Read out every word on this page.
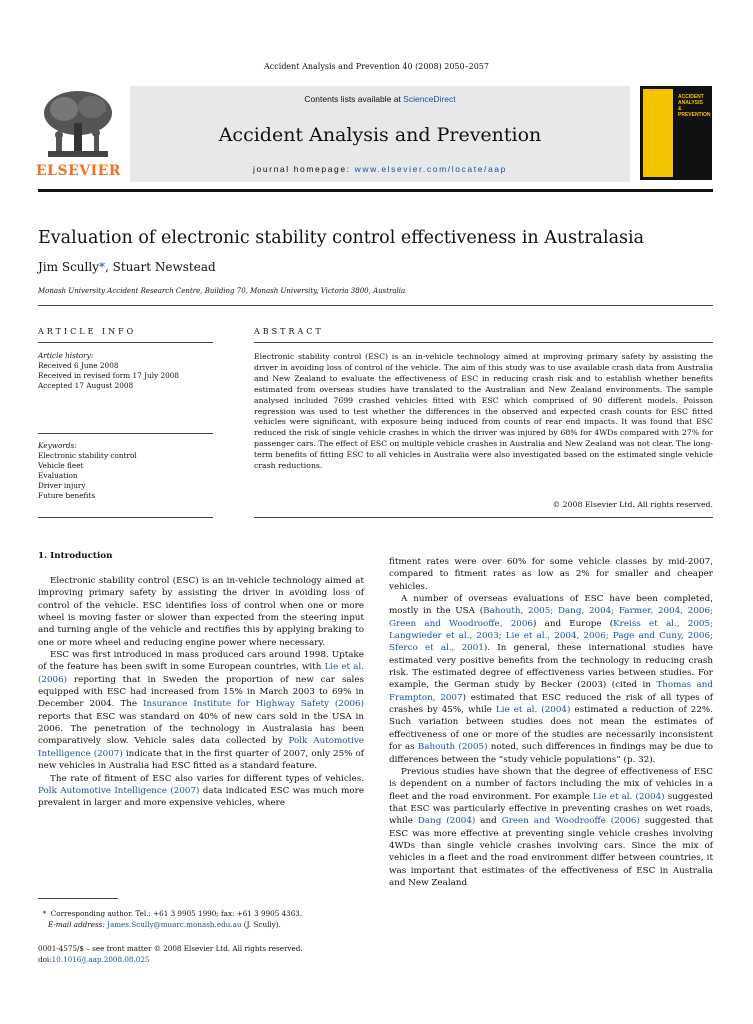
Accident Analysis and Prevention 40 (2008) 2050–2057
ELSEVIER
Contents lists available at ScienceDirect
Accident Analysis and Prevention
journal homepage: www.elsevier.com/locate/aap
ACCIDENT
ANALYSIS
&
PREVENTION
Evaluation of electronic stability control effectiveness in Australasia
Jim Scully*, Stuart Newstead
Monash University Accident Research Centre, Building 70, Monash University, Victoria 3800, Australia
ARTICLE INFO	ABSTRACT
Article history:
Received 6 June 2008
Received in revised form 17 July 2008
Accepted 17 August 2008
Keywords:
Electronic stability control
Vehicle fleet
Evaluation
Driver injury
Future benefits
Electronic stability control (ESC) is an in-vehicle technology aimed at improving primary safety by assisting the driver in avoiding loss of control of the vehicle. The aim of this study was to use available crash data from Australia and New Zealand to evaluate the effectiveness of ESC in reducing crash risk and to establish whether benefits estimated from overseas studies have translated to the Australian and New Zealand environments. The sample analysed included 7699 crashed vehicles fitted with ESC which comprised of 90 different models. Poisson regression was used to test whether the differences in the observed and expected crash counts for ESC fitted vehicles were significant, with exposure being induced from counts of rear end impacts. It was found that ESC reduced the risk of single vehicle crashes in which the driver was injured by 68% for 4WDs compared with 27% for passenger cars. The effect of ESC on multiple vehicle crashes in Australia and New Zealand was not clear. The long-term benefits of fitting ESC to all vehicles in Australia were also investigated based on the estimated single vehicle crash reductions.
© 2008 Elsevier Ltd. All rights reserved.
1. Introduction

Electronic stability control (ESC) is an in-vehicle technology aimed at improving primary safety by assisting the driver in avoiding loss of control of the vehicle. ESC identifies loss of control when one or more wheel is moving faster or slower than expected from the steering input and turning angle of the vehicle and rectifies this by applying braking to one or more wheel and reducing engine power where necessary.

ESC was first introduced in mass produced cars around 1998. Uptake of the feature has been swift in some European countries, with Lie et al. (2006) reporting that in Sweden the proportion of new car sales equipped with ESC had increased from 15% in March 2003 to 69% in December 2004. The Insurance Institute for Highway Safety (2006) reports that ESC was standard on 40% of new cars sold in the USA in 2006. The penetration of the technology in Australasia has been comparatively slow. Vehicle sales data collected by Polk Automotive Intelligence (2007) indicate that in the first quarter of 2007, only 25% of new vehicles in Australia had ESC fitted as a standard feature.

The rate of fitment of ESC also varies for different types of vehicles. Polk Automotive Intelligence (2007) data indicated ESC was much more prevalent in larger and more expensive vehicles, where

fitment rates were over 60% for some vehicle classes by mid-2007, compared to fitment rates as low as 2% for smaller and cheaper vehicles.

A number of overseas evaluations of ESC have been completed, mostly in the USA (Bahouth, 2005; Dang, 2004; Farmer, 2004, 2006; Green and Woodrooffe, 2006) and Europe (Kreiss et al., 2005; Langwieder et al., 2003; Lie et al., 2004, 2006; Page and Cuny, 2006; Sferco et al., 2001). In general, these international studies have estimated very positive benefits from the technology in reducing crash risk. The estimated degree of effectiveness varies between studies. For example, the German study by Becker (2003) (cited in Thomas and Frampton, 2007) estimated that ESC reduced the risk of all types of crashes by 45%, while Lie et al. (2004) estimated a reduction of 22%. Such variation between studies does not mean the estimates of effectiveness of one or more of the studies are necessarily inconsistent for as Bahouth (2005) noted, such differences in findings may be due to differences between the “study vehicle populations” (p. 32).

Previous studies have shown that the degree of effectiveness of ESC is dependent on a number of factors including the mix of vehicles in a fleet and the road environment. For example Lie et al. (2004) suggested that ESC was particularly effective in preventing crashes on wet roads, while Dang (2004) and Green and Woodrooffe (2006) suggested that ESC was more effective at preventing single vehicle crashes involving 4WDs than single vehicle crashes involving cars. Since the mix of vehicles in a fleet and the road environment differ between countries, it was important that estimates of the effectiveness of ESC in Australia and New Zealand

* Corresponding author. Tel.: +61 3 9905 1990; fax: +61 3 9905 4363.
E-mail address: James.Scully@muarc.monash.edu.au (J. Scully).
0001-4575/$ – see front matter © 2008 Elsevier Ltd. All rights reserved.
doi:10.1016/j.aap.2008.08.025
